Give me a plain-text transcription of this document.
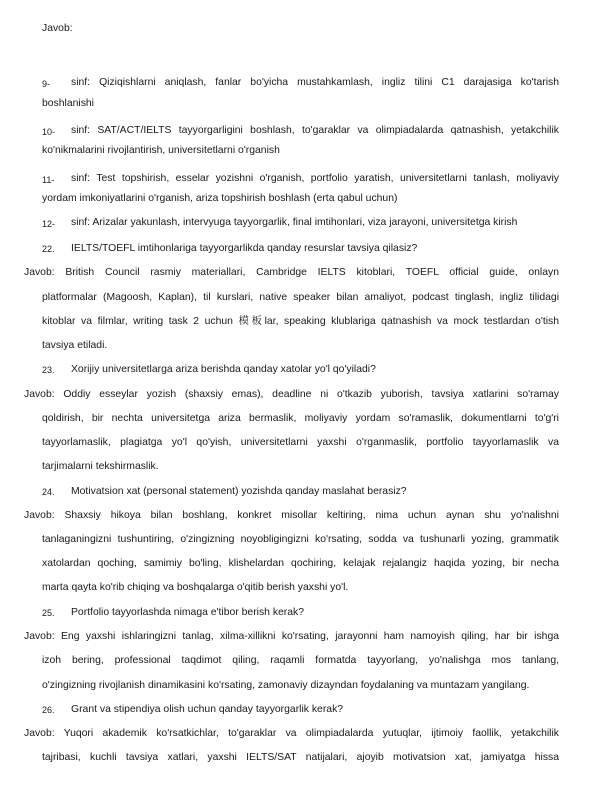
Javob:
9- sinf: Qiziqishlarni aniqlash, fanlar bo'yicha mustahkamlash, ingliz tilini C1 darajasiga ko'tarish
boshlanishi
10- sinf: SAT/ACT/IELTS tayyorgarligini boshlash, to'garaklar va olimpiadalarda qatnashish, yetakchilik
ko'nikmalarini rivojlantirish, universitetlarni o'rganish
11- sinf: Test topshirish, esselar yozishni o'rganish, portfolio yaratish, universitetlarni tanlash, moliyaviy
yordam imkoniyatlarini o'rganish, ariza topshirish boshlash (erta qabul uchun)
12- sinf: Arizalar yakunlash, intervyuga tayyorgarlik, final imtihonlari, viza jarayoni, universitetga kirish
22. IELTS/TOEFL imtihonlariga tayyorgarlikda qanday resurslar tavsiya qilasiz?
Javob: British Council rasmiy materiallari, Cambridge IELTS kitoblari, TOEFL official guide, onlayn
platformalar (Magoosh, Kaplan), til kurslari, native speaker bilan amaliyot, podcast tinglash, ingliz tilidagi
kitoblar va filmlar, writing task 2 uchun 模板lar, speaking klublariga qatnashish va mock testlardan o'tish
tavsiya etiladi.
23. Xorijiy universitetlarga ariza berishda qanday xatolar yo'l qo'yiladi?
Javob: Oddiy esseylar yozish (shaxsiy emas), deadline ni o'tkazib yuborish, tavsiya xatlarini so'ramay
qoldirish, bir nechta universitetga ariza bermaslik, moliyaviy yordam so'ramaslik, dokumentlarni to'g'ri
tayyorlamaslik, plagiatga yo'l qo'yish, universitetlarni yaxshi o'rganmaslik, portfolio tayyorlamaslik va
tarjimalarni tekshirmaslik.
24. Motivatsion xat (personal statement) yozishda qanday maslahat berasiz?
Javob: Shaxsiy hikoya bilan boshlang, konkret misollar keltiring, nima uchun aynan shu yo'nalishni
tanlaganingizni tushuntiring, o'zingizning noyobligingizni ko'rsating, sodda va tushunarli yozing, grammatik
xatolardan qoching, samimiy bo'ling, klishelardan qochiring, kelajak rejalangiz haqida yozing, bir necha
marta qayta ko'rib chiqing va boshqalarga o'qitib berish yaxshi yo'l.
25. Portfolio tayyorlashda nimaga e'tibor berish kerak?
Javob: Eng yaxshi ishlaringizni tanlag, xilma-xillikni ko'rsating, jarayonni ham namoyish qiling, har bir ishga
izoh bering, professional taqdimot qiling, raqamli formatda tayyorlang, yo'nalishga mos tanlang,
o'zingizning rivojlanish dinamikasini ko'rsating, zamonaviy dizayndan foydalaning va muntazam yangilang.
26. Grant va stipendiya olish uchun qanday tayyorgarlik kerak?
Javob: Yuqori akademik ko'rsatkichlar, to'garaklar va olimpiadalarda yutuqlar, ijtimoiy faollik, yetakchilik
tajribasi, kuchli tavsiya xatlari, yaxshi IELTS/SAT natijalari, ajoyib motivatsion xat, jamiyatga hissa
